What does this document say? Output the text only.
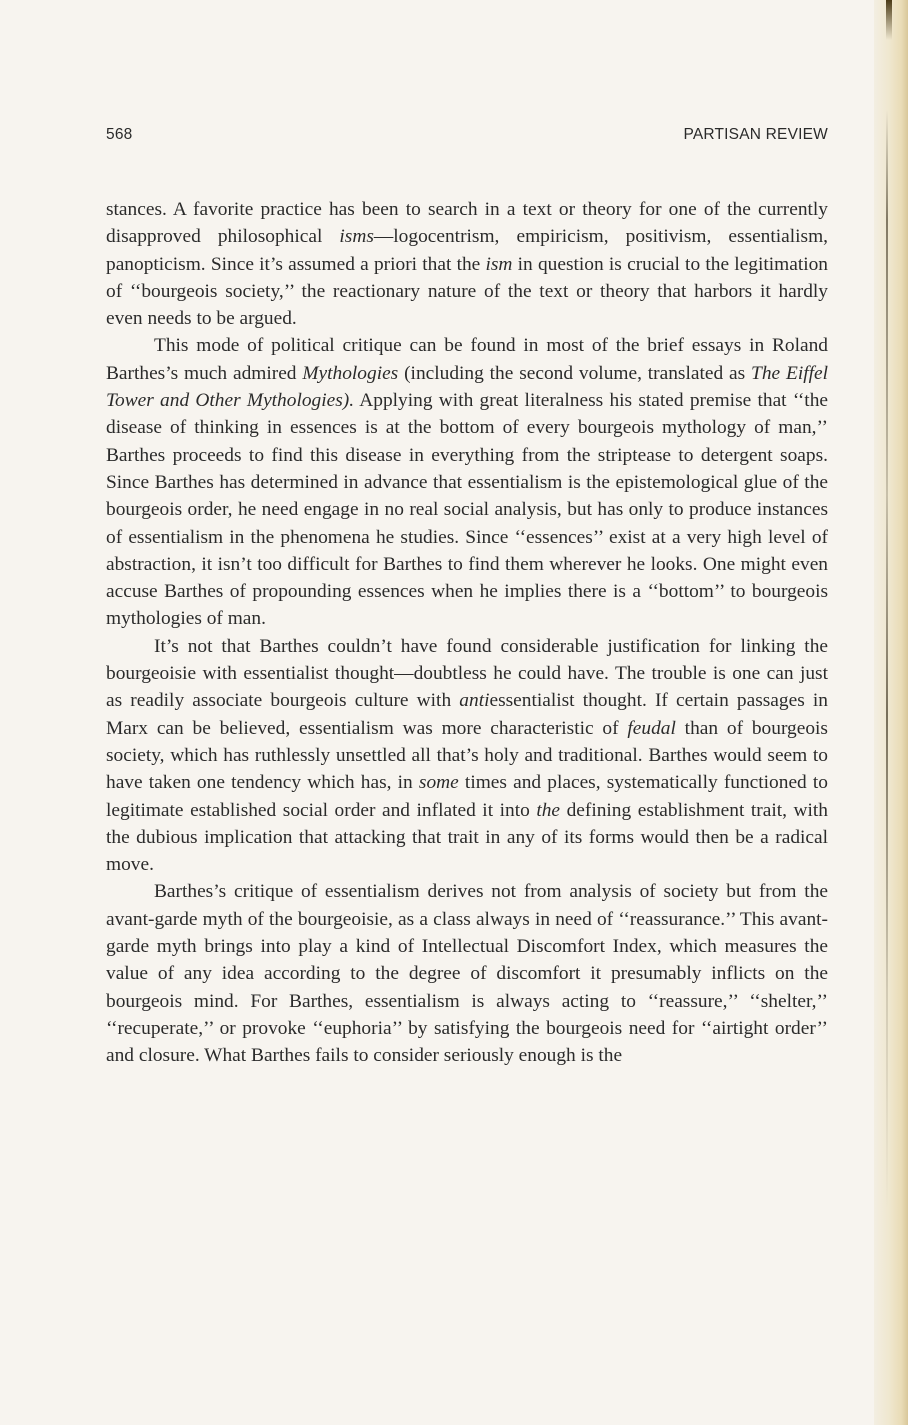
568	PARTISAN REVIEW

stances. A favorite practice has been to search in a text or theory for one of the currently disapproved philosophical isms—logocentrism, empiricism, positivism, essentialism, panopticism. Since it’s assumed a priori that the ism in question is crucial to the legitimation of ‘‘bourgeois society,’’ the reactionary nature of the text or theory that harbors it hardly even needs to be argued.

This mode of political critique can be found in most of the brief essays in Roland Barthes’s much admired Mythologies (including the second volume, translated as The Eiffel Tower and Other Mythologies). Applying with great literalness his stated premise that ‘‘the disease of thinking in essences is at the bottom of every bourgeois mythology of man,’’ Barthes proceeds to find this disease in everything from the striptease to detergent soaps. Since Barthes has determined in advance that essentialism is the epistemological glue of the bourgeois order, he need engage in no real social analysis, but has only to produce instances of essentialism in the phenomena he studies. Since ‘‘essences’’ exist at a very high level of abstraction, it isn’t too difficult for Barthes to find them wherever he looks. One might even accuse Barthes of propounding essences when he implies there is a ‘‘bottom’’ to bourgeois mythologies of man.

It’s not that Barthes couldn’t have found considerable justification for linking the bourgeoisie with essentialist thought—doubtless he could have. The trouble is one can just as readily associate bourgeois culture with antiessentialist thought. If certain passages in Marx can be believed, essentialism was more characteristic of feudal than of bourgeois society, which has ruthlessly unsettled all that’s holy and traditional. Barthes would seem to have taken one tendency which has, in some times and places, systematically functioned to legitimate established social order and inflated it into the defining establishment trait, with the dubious implication that attacking that trait in any of its forms would then be a radical move.

Barthes’s critique of essentialism derives not from analysis of society but from the avant-garde myth of the bourgeoisie, as a class always in need of ‘‘reassurance.’’ This avant-garde myth brings into play a kind of Intellectual Discomfort Index, which measures the value of any idea according to the degree of discomfort it presumably inflicts on the bourgeois mind. For Barthes, essentialism is always acting to ‘‘reassure,’’ ‘‘shelter,’’ ‘‘recuperate,’’ or provoke ‘‘euphoria’’ by satisfying the bourgeois need for ‘‘airtight order’’ and closure. What Barthes fails to consider seriously enough is the
